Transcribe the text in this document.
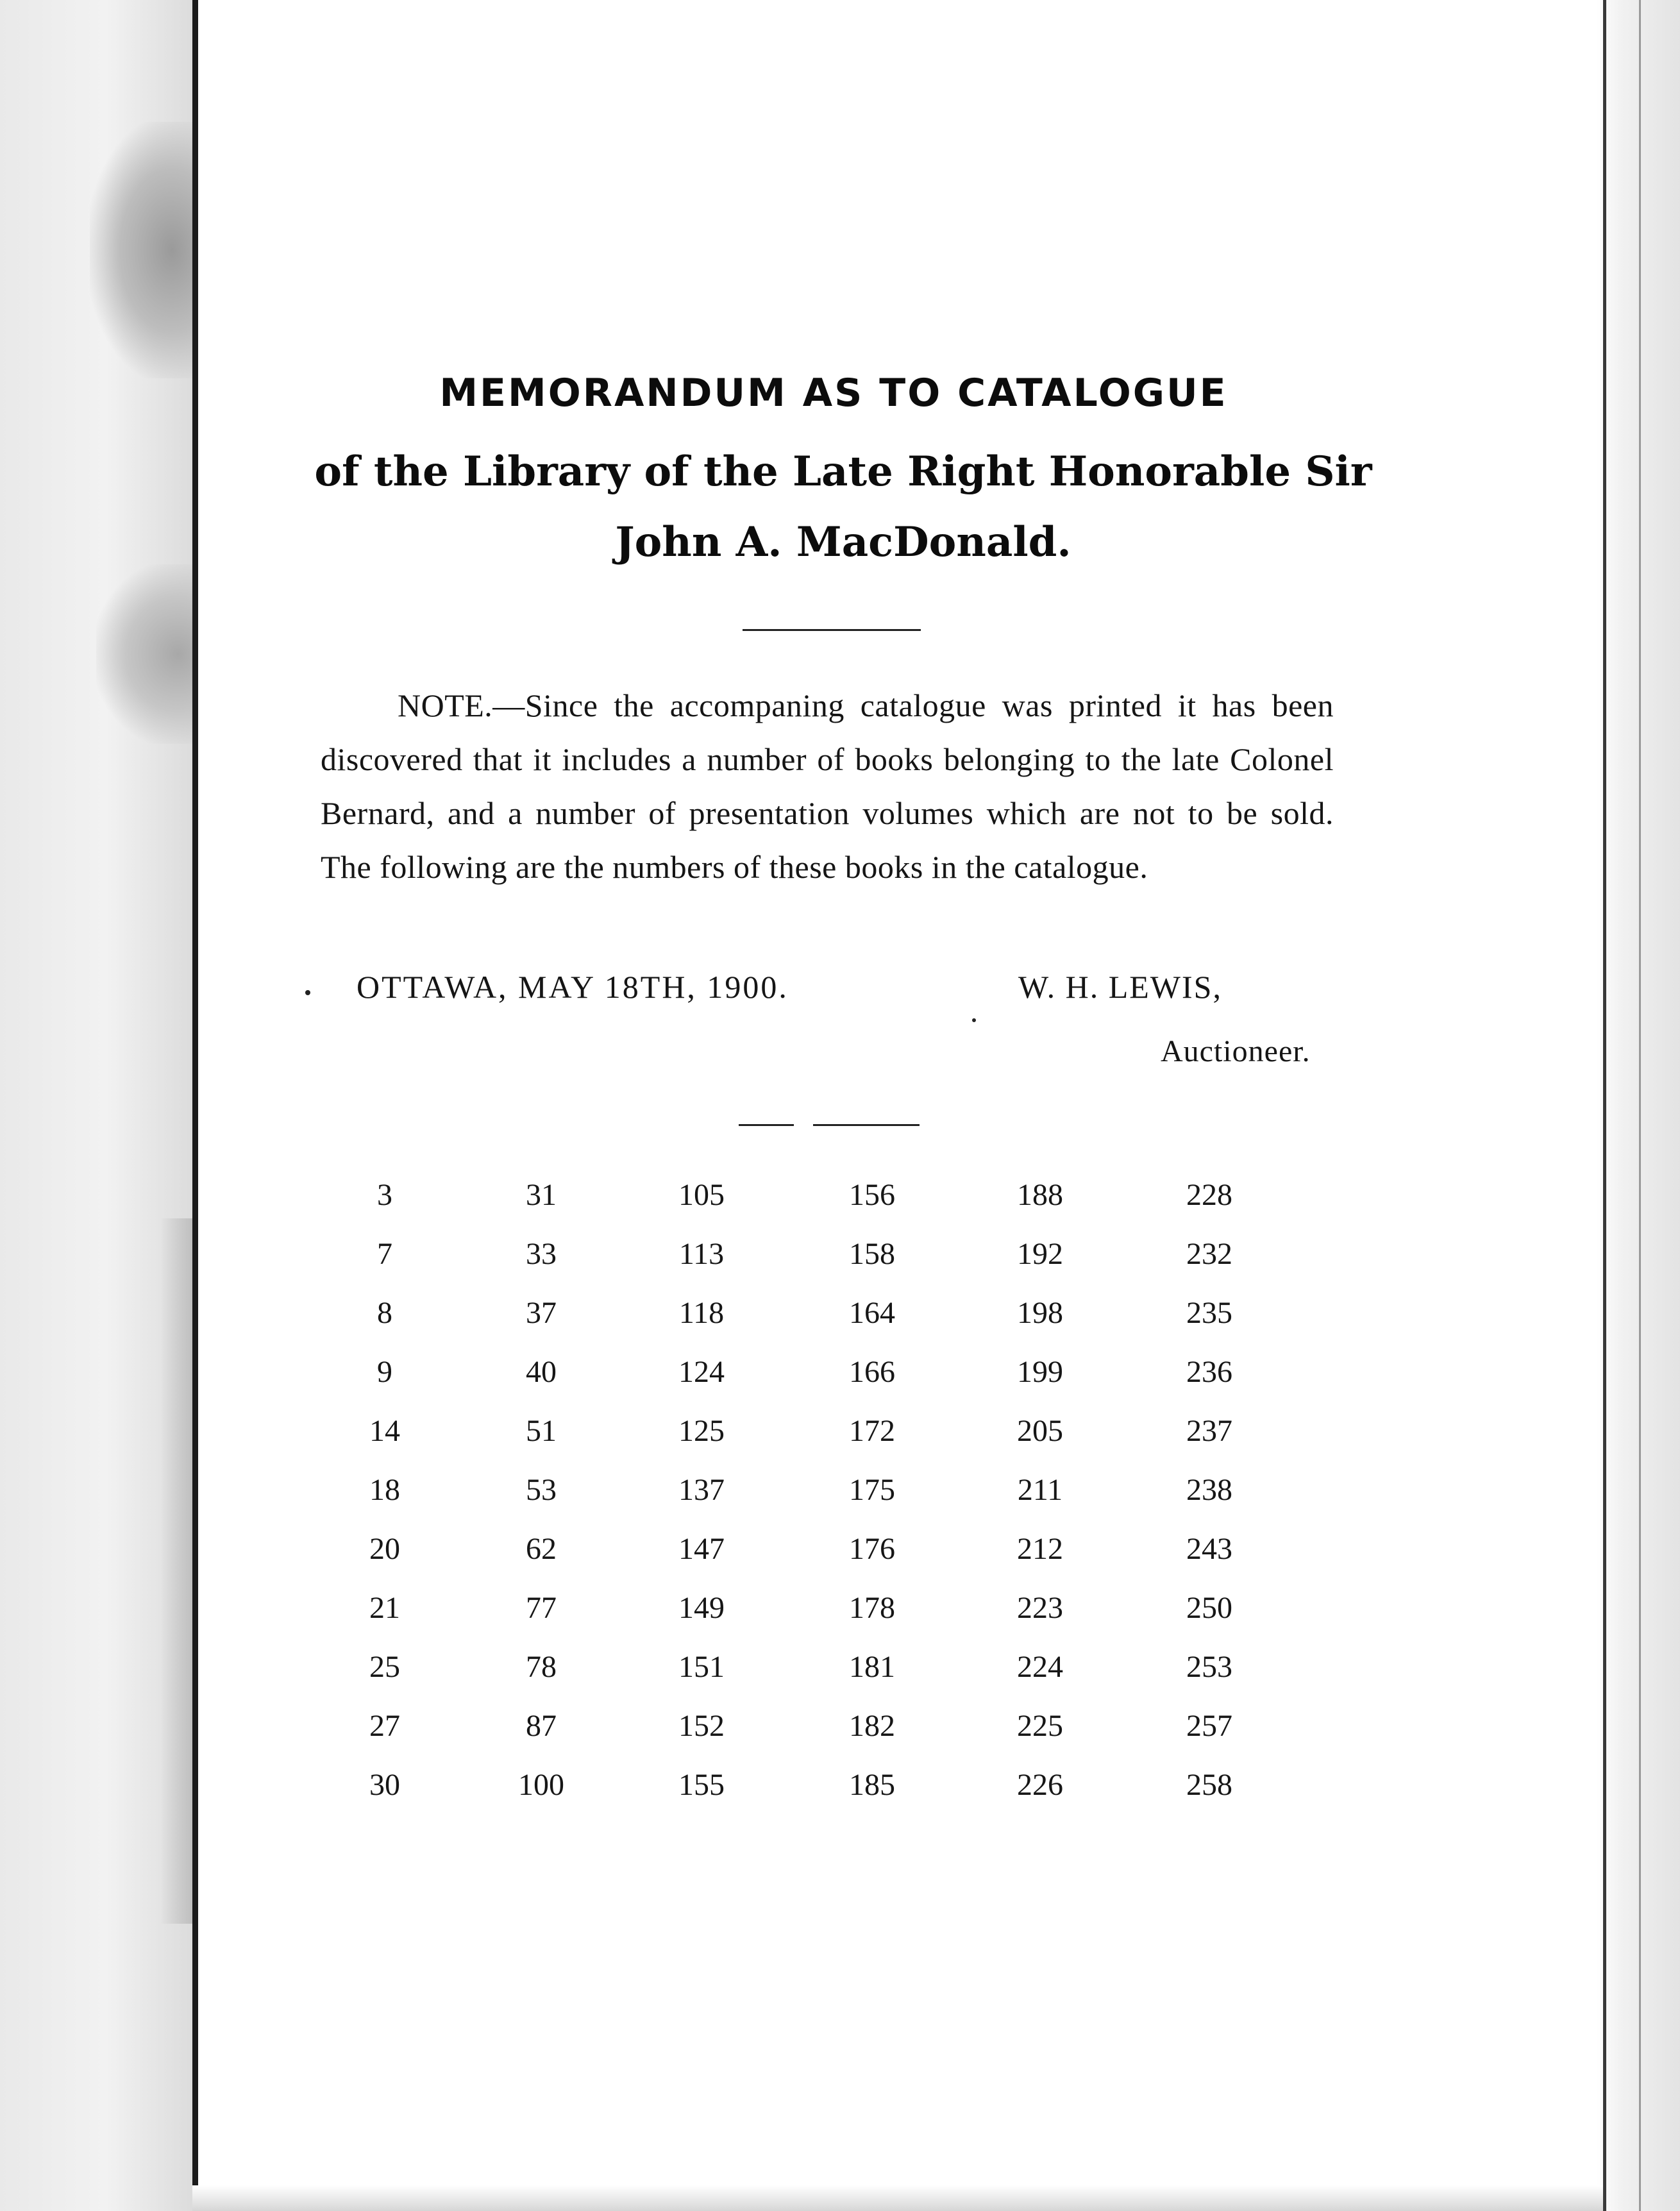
MEMORANDUM AS TO CATALOGUE
of the Library of the Late Right Honorable Sir
John A. MacDonald.
NOTE.—Since the accompaning catalogue was printed it has been discovered that it includes a number of books belonging to the late Colonel Bernard, and a number of presentation volumes which are not to be sold. The following are the numbers of these books in the catalogue.
OTTAWA, MAY 18TH, 1900.	W. H. LEWIS,
Auctioneer.
3
7
8
9
14
18
20
21
25
27
30
31
33
37
40
51
53
62
77
78
87
100
105
113
118
124
125
137
147
149
151
152
155
156
158
164
166
172
175
176
178
181
182
185
188
192
198
199
205
211
212
223
224
225
226
228
232
235
236
237
238
243
250
253
257
258
